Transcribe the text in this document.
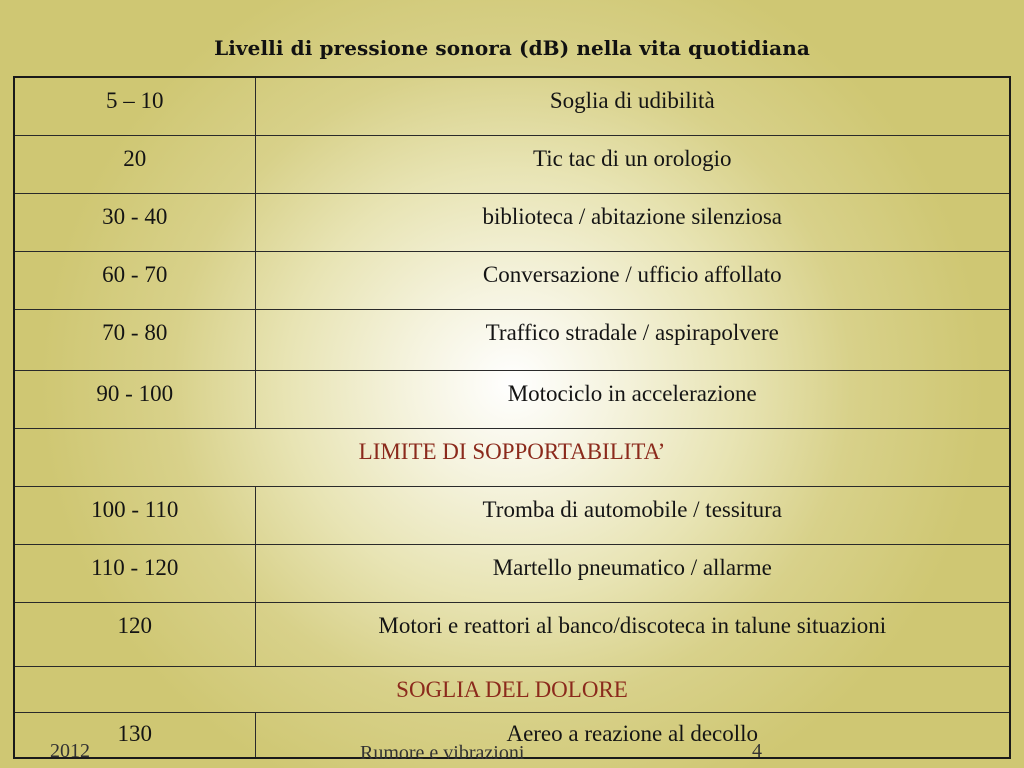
Livelli di pressione sonora (dB) nella vita quotidiana
5 – 10	Soglia di udibilità

20	Tic tac di un orologio

30 - 40	biblioteca / abitazione silenziosa

60 - 70	Conversazione / ufficio affollato

70 - 80	Traffico stradale / aspirapolvere

90 - 100	Motociclo in accelerazione

LIMITE DI SOPPORTABILITA’	

100 - 110	Tromba di automobile / tessitura

110 - 120	Martello pneumatico / allarme

120	Motori e reattori al banco/discoteca in talune situazioni

SOGLIA DEL DOLORE	

130	Aereo a reazione al decollo
2012	Rumore e vibrazioni	4
